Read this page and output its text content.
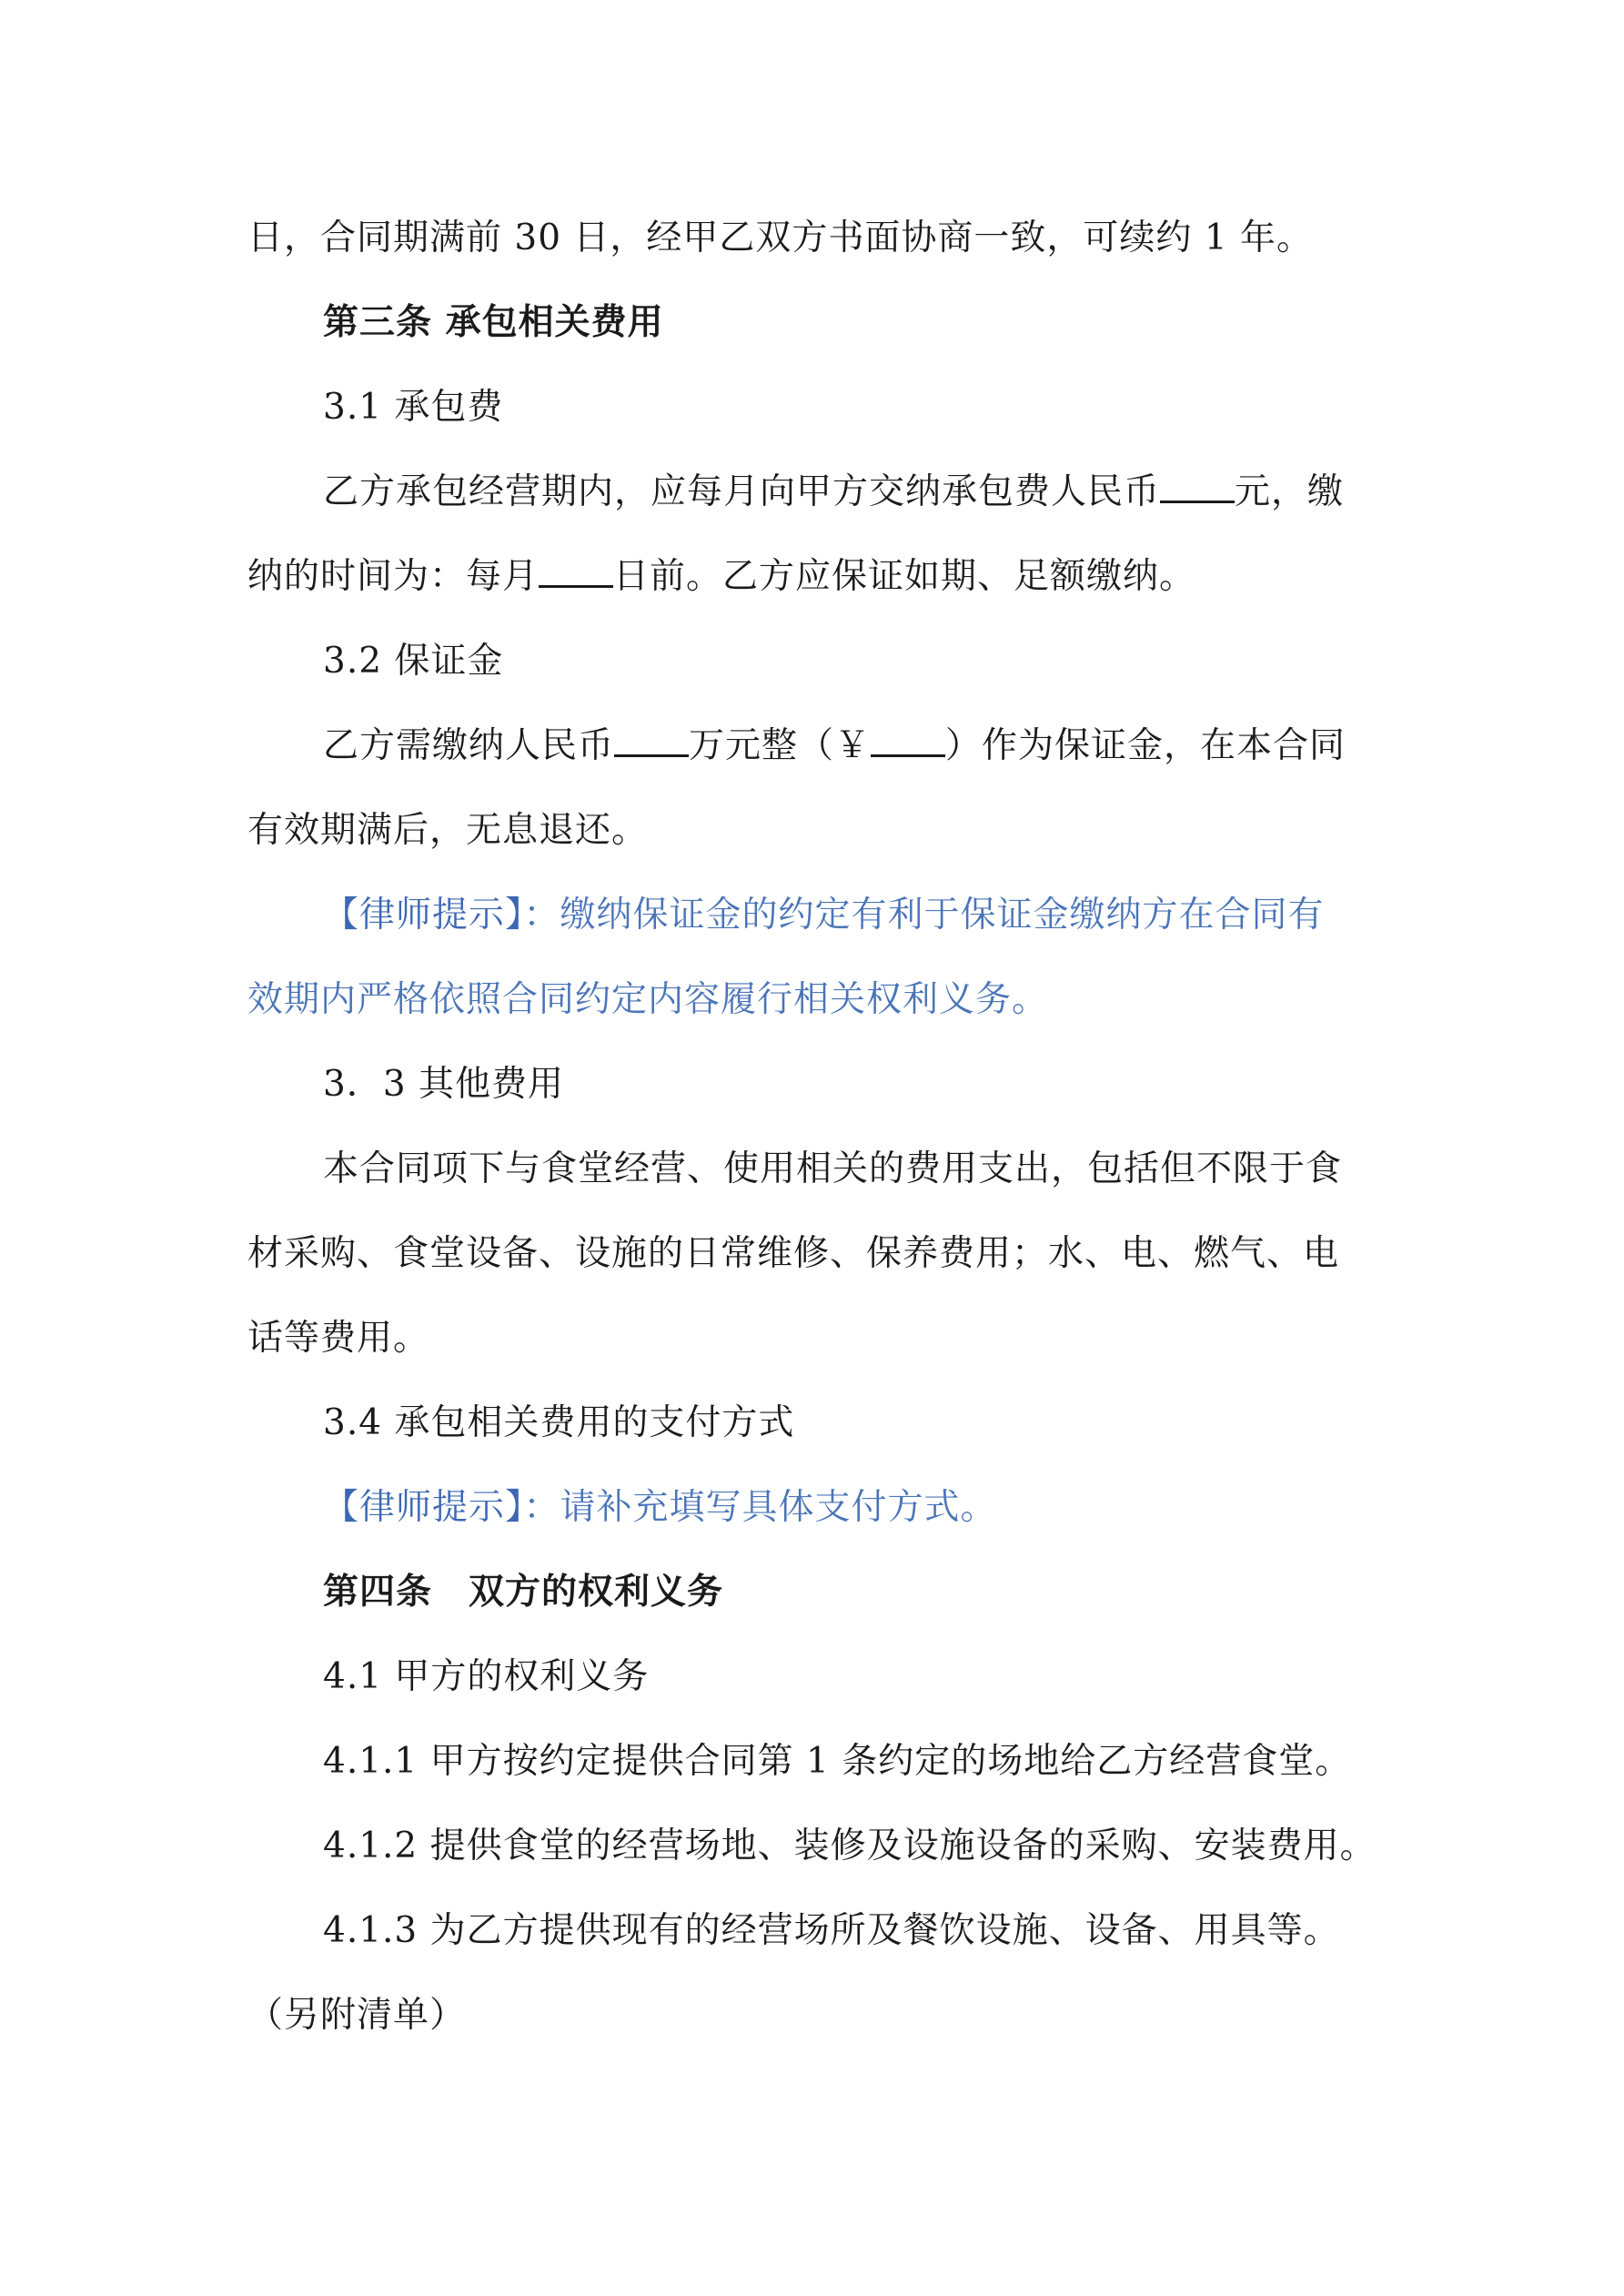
日，合同期满前 30 日，经甲乙双方书面协商一致，可续约 1 年。
第三条 承包相关费用
3.1 承包费
乙方承包经营期内，应每月向甲方交纳承包费人民币 元，缴
纳的时间为：每月 日前。乙方应保证如期、足额缴纳。
3.2 保证金
乙方需缴纳人民币 万元整（￥ ）作为保证金，在本合同
有效期满后，无息退还。
【律师提示】：缴纳保证金的约定有利于保证金缴纳方在合同有
效期内严格依照合同约定内容履行相关权利义务。
3．3 其他费用
本合同项下与食堂经营、使用相关的费用支出，包括但不限于食
材采购、食堂设备、设施的日常维修、保养费用；水、电、燃气、电
话等费用。
3.4 承包相关费用的支付方式
【律师提示】：请补充填写具体支付方式。
第四条　双方的权利义务
4.1 甲方的权利义务
4.1.1 甲方按约定提供合同第 1 条约定的场地给乙方经营食堂。
4.1.2 提供食堂的经营场地、装修及设施设备的采购、安装费用。
4.1.3 为乙方提供现有的经营场所及餐饮设施、设备、用具等。
（另附清单）
